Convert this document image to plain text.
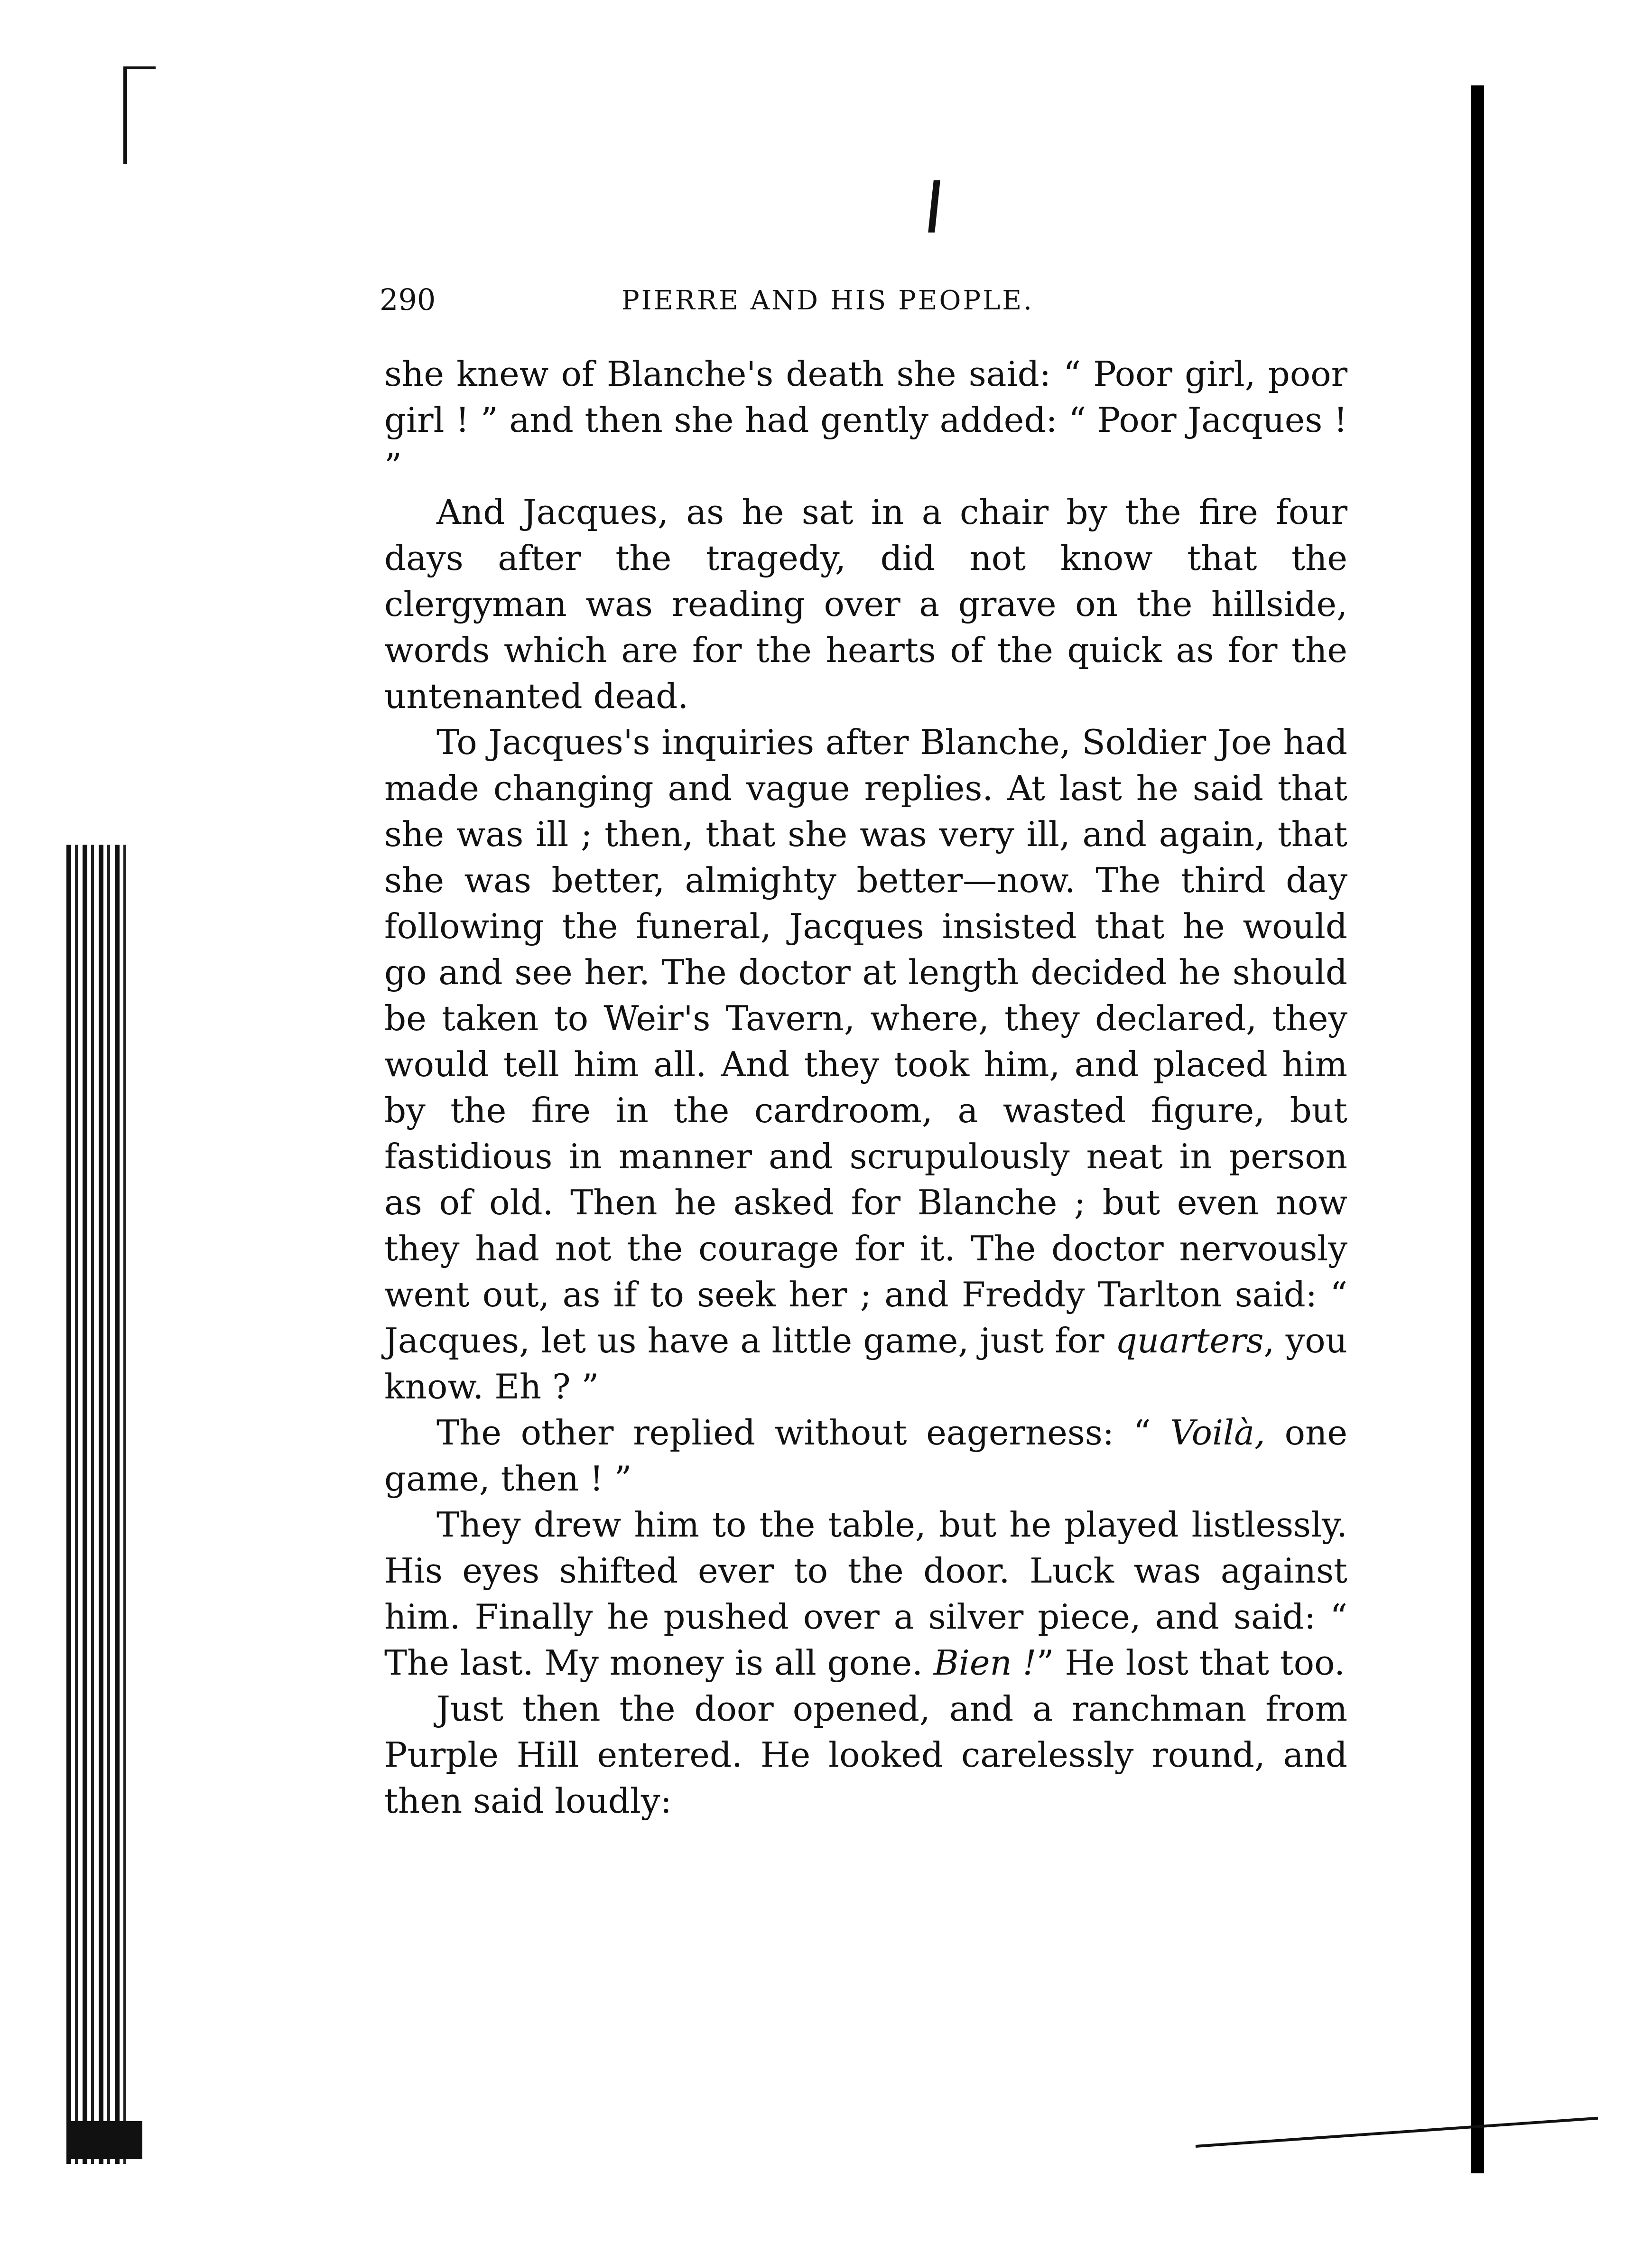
290	PIERRE AND HIS PEOPLE.

she knew of Blanche's death she said: “ Poor girl, poor girl ! ” and then she had gently added: “ Poor Jacques ! ”

And Jacques, as he sat in a chair by the fire four days after the tragedy, did not know that the clergyman was reading over a grave on the hillside, words which are for the hearts of the quick as for the untenanted dead.

To Jacques's inquiries after Blanche, Soldier Joe had made changing and vague replies. At last he said that she was ill ; then, that she was very ill, and again, that she was better, almighty better—now. The third day following the funeral, Jacques insisted that he would go and see her. The doctor at length decided he should be taken to Weir's Tavern, where, they declared, they would tell him all. And they took him, and placed him by the fire in the cardroom, a wasted figure, but fastidious in manner and scrupulously neat in person as of old. Then he asked for Blanche ; but even now they had not the courage for it. The doctor nervously went out, as if to seek her ; and Freddy Tarlton said: “ Jacques, let us have a little game, just for quarters, you know. Eh ? ”

The other replied without eagerness: “ Voilà, one game, then ! ”

They drew him to the table, but he played listlessly. His eyes shifted ever to the door. Luck was against him. Finally he pushed over a silver piece, and said: “ The last. My money is all gone. Bien !” He lost that too.

Just then the door opened, and a ranchman from Purple Hill entered. He looked carelessly round, and then said loudly:
